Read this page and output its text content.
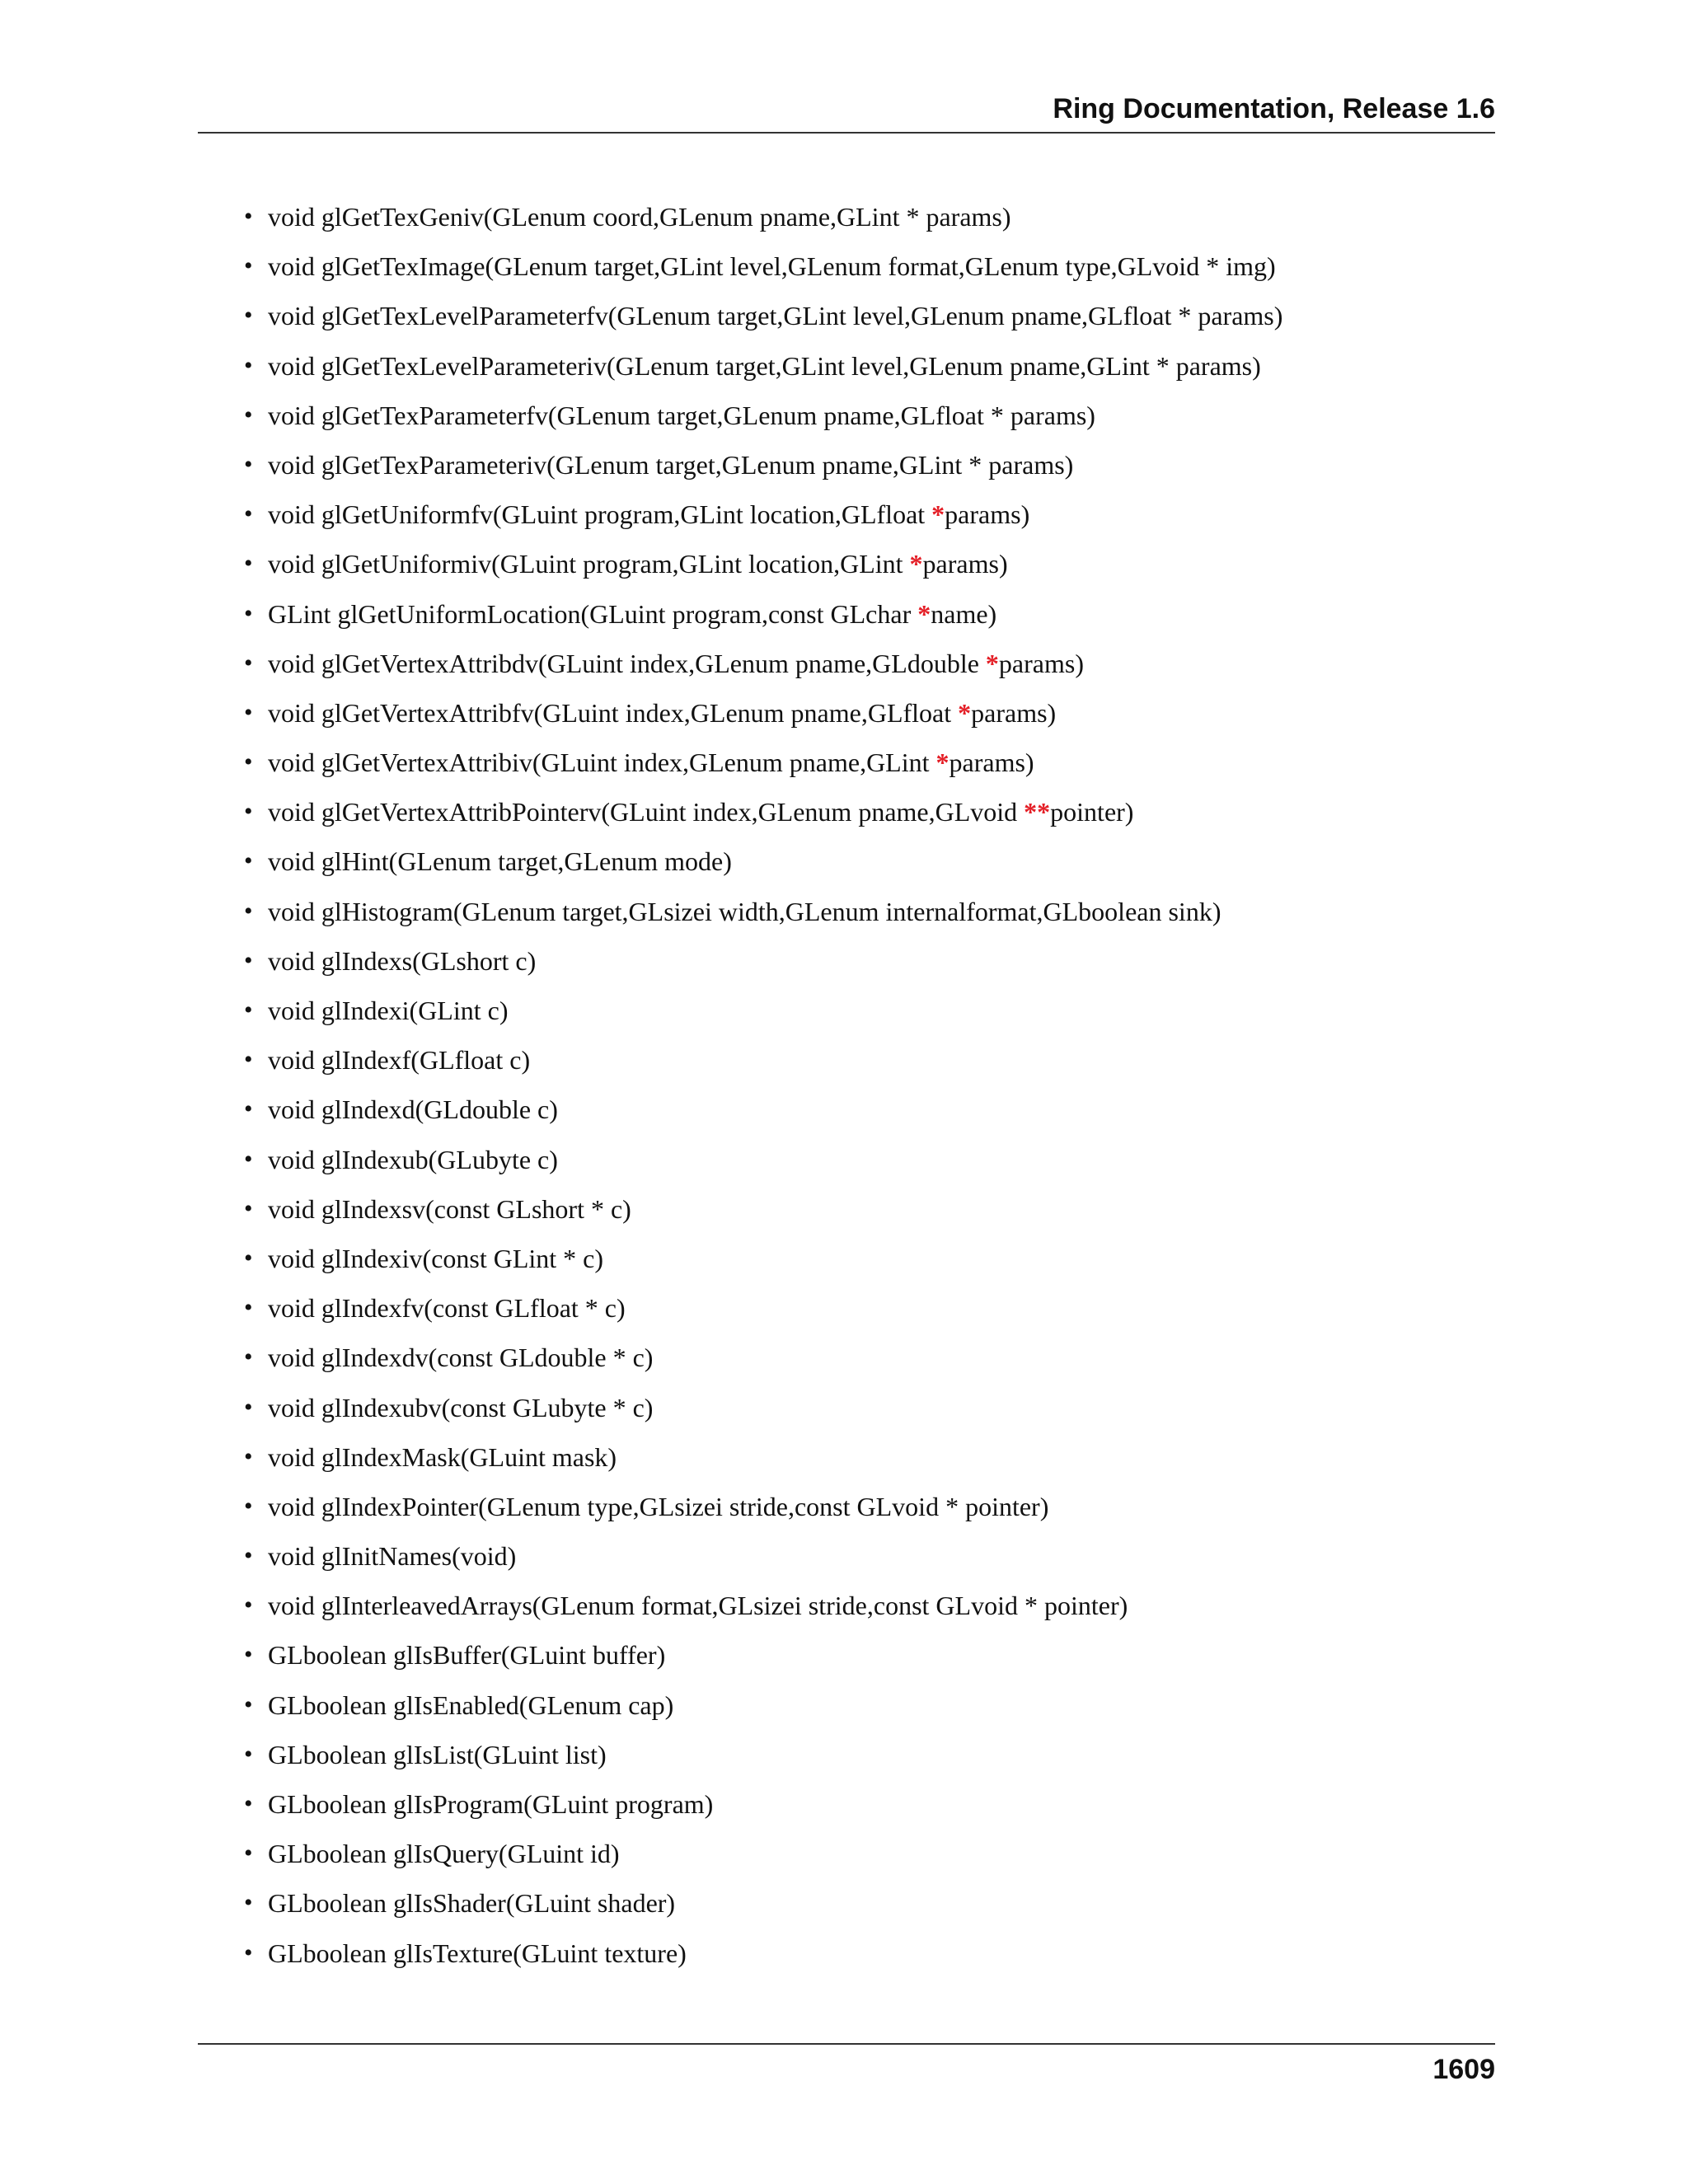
Ring Documentation, Release 1.6
• void glGetTexGeniv(GLenum coord,GLenum pname,GLint * params)
• void glGetTexImage(GLenum target,GLint level,GLenum format,GLenum type,GLvoid * img)
• void glGetTexLevelParameterfv(GLenum target,GLint level,GLenum pname,GLfloat * params)
• void glGetTexLevelParameteriv(GLenum target,GLint level,GLenum pname,GLint * params)
• void glGetTexParameterfv(GLenum target,GLenum pname,GLfloat * params)
• void glGetTexParameteriv(GLenum target,GLenum pname,GLint * params)
• void glGetUniformfv(GLuint program,GLint location,GLfloat *params)
• void glGetUniformiv(GLuint program,GLint location,GLint *params)
• GLint glGetUniformLocation(GLuint program,const GLchar *name)
• void glGetVertexAttribdv(GLuint index,GLenum pname,GLdouble *params)
• void glGetVertexAttribfv(GLuint index,GLenum pname,GLfloat *params)
• void glGetVertexAttribiv(GLuint index,GLenum pname,GLint *params)
• void glGetVertexAttribPointerv(GLuint index,GLenum pname,GLvoid **pointer)
• void glHint(GLenum target,GLenum mode)
• void glHistogram(GLenum target,GLsizei width,GLenum internalformat,GLboolean sink)
• void glIndexs(GLshort c)
• void glIndexi(GLint c)
• void glIndexf(GLfloat c)
• void glIndexd(GLdouble c)
• void glIndexub(GLubyte c)
• void glIndexsv(const GLshort * c)
• void glIndexiv(const GLint * c)
• void glIndexfv(const GLfloat * c)
• void glIndexdv(const GLdouble * c)
• void glIndexubv(const GLubyte * c)
• void glIndexMask(GLuint mask)
• void glIndexPointer(GLenum type,GLsizei stride,const GLvoid * pointer)
• void glInitNames(void)
• void glInterleavedArrays(GLenum format,GLsizei stride,const GLvoid * pointer)
• GLboolean glIsBuffer(GLuint buffer)
• GLboolean glIsEnabled(GLenum cap)
• GLboolean glIsList(GLuint list)
• GLboolean glIsProgram(GLuint program)
• GLboolean glIsQuery(GLuint id)
• GLboolean glIsShader(GLuint shader)
• GLboolean glIsTexture(GLuint texture)
1609
